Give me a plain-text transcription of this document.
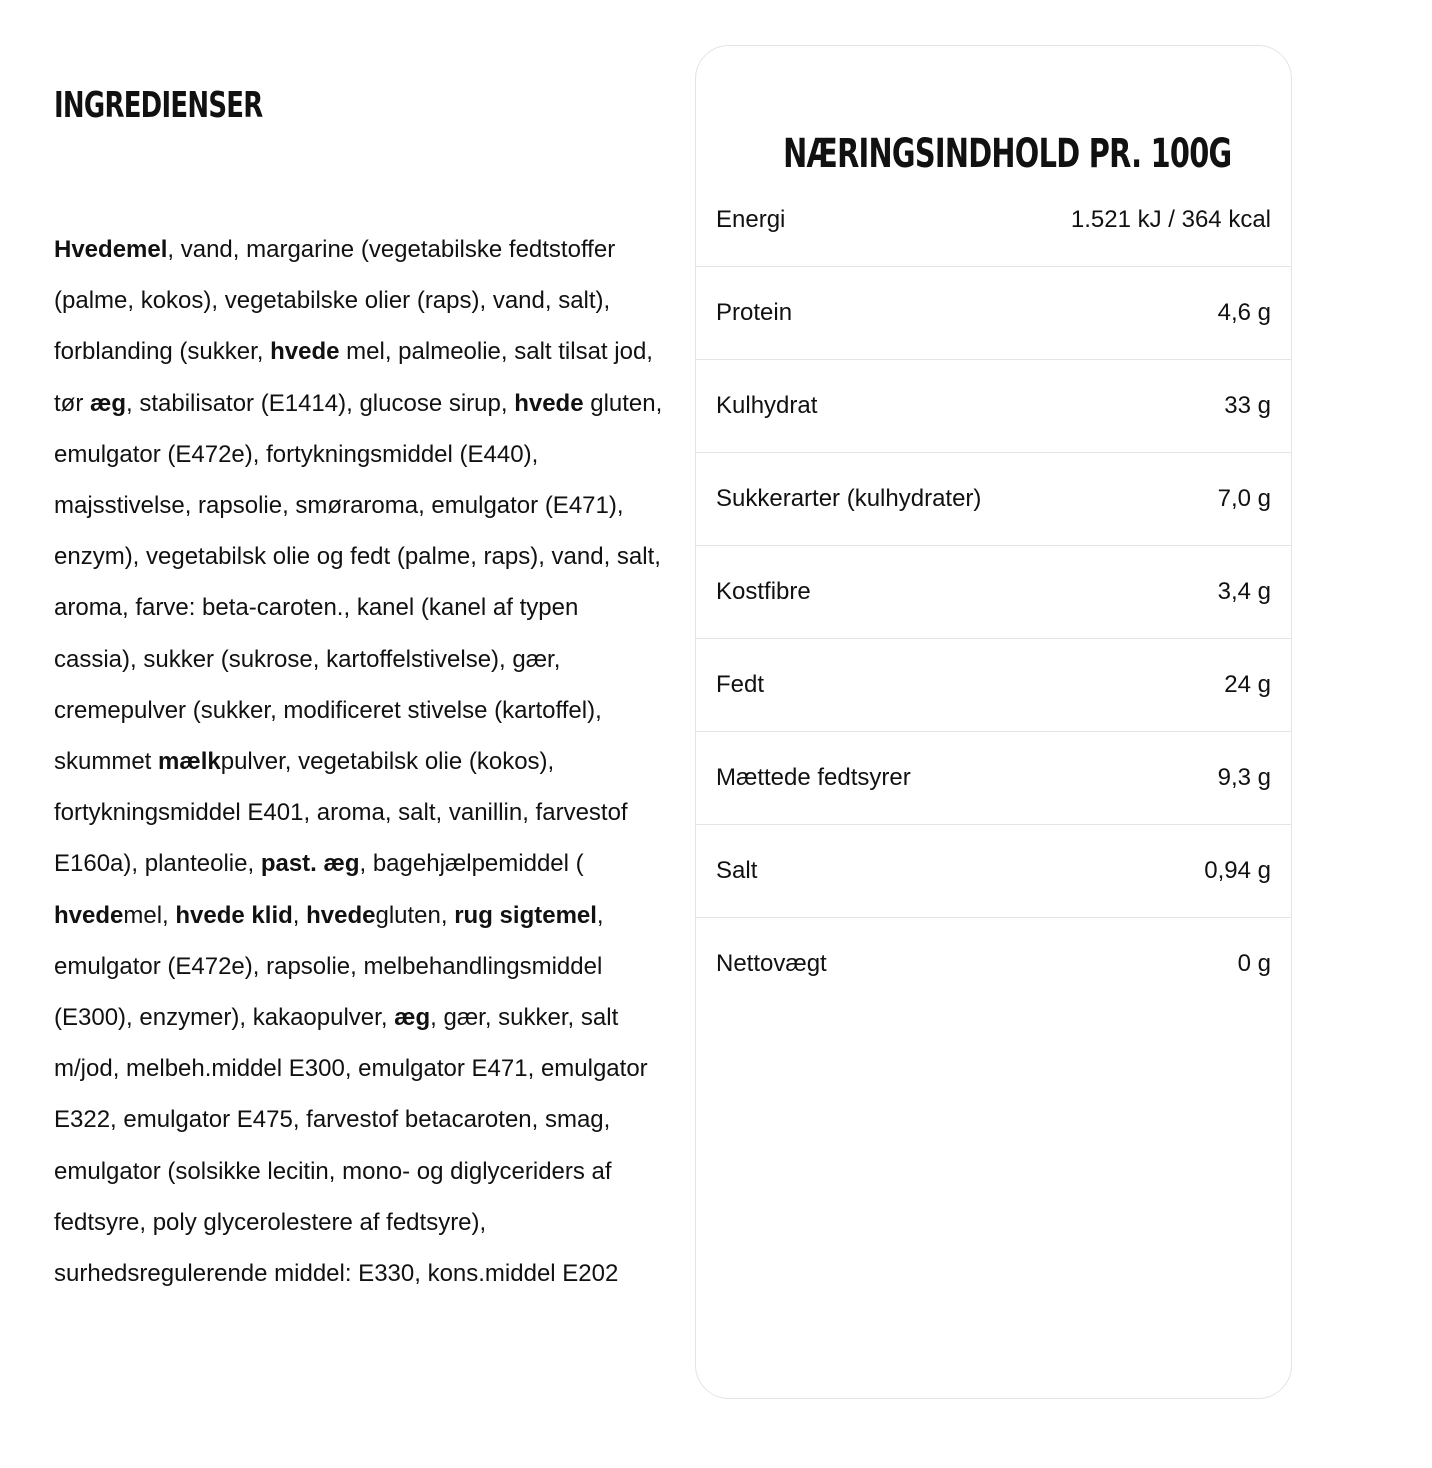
INGREDIENSER

Hvedemel, vand, margarine (vegetabilske fedtstoffer (palme, kokos), vegetabilske olier (raps), vand, salt), forblanding (sukker, hvede mel, palmeolie, salt tilsat jod, tør æg, stabilisator (E1414), glucose sirup, hvede gluten, emulgator (E472e), fortykningsmiddel (E440), majsstivelse, rapsolie, smøraroma, emulgator (E471), enzym), vegetabilsk olie og fedt (palme, raps), vand, salt, aroma, farve: beta-caroten., kanel (kanel af typen cassia), sukker (sukrose, kartoffelstivelse), gær, cremepulver (sukker, modificeret stivelse (kartoffel), skummet mælkpulver, vegetabilsk olie (kokos), fortykningsmiddel E401, aroma, salt, vanillin, farvestof E160a), planteolie, past. æg, bagehjælpemiddel ( hvedemel, hvede klid, hvedegluten, rug sigtemel, emulgator (E472e), rapsolie, melbehandlingsmiddel (E300), enzymer), kakaopulver, æg, gær, sukker, salt m/jod, melbeh.middel E300, emulgator E471, emulgator E322, emulgator E475, farvestof betacaroten, smag, emulgator (solsikke lecitin, mono- og diglyceriders af fedtsyre, poly glycerolestere af fedtsyre), surhedsregulerende middel: E330, kons.middel E202

NÆRINGSINDHOLD PR. 100G
Energi	1.521 kJ / 364 kcal
Protein	4,6 g
Kulhydrat	33 g
Sukkerarter (kulhydrater)	7,0 g
Kostfibre	3,4 g
Fedt	24 g
Mættede fedtsyrer	9,3 g
Salt	0,94 g
Nettovægt	0 g
